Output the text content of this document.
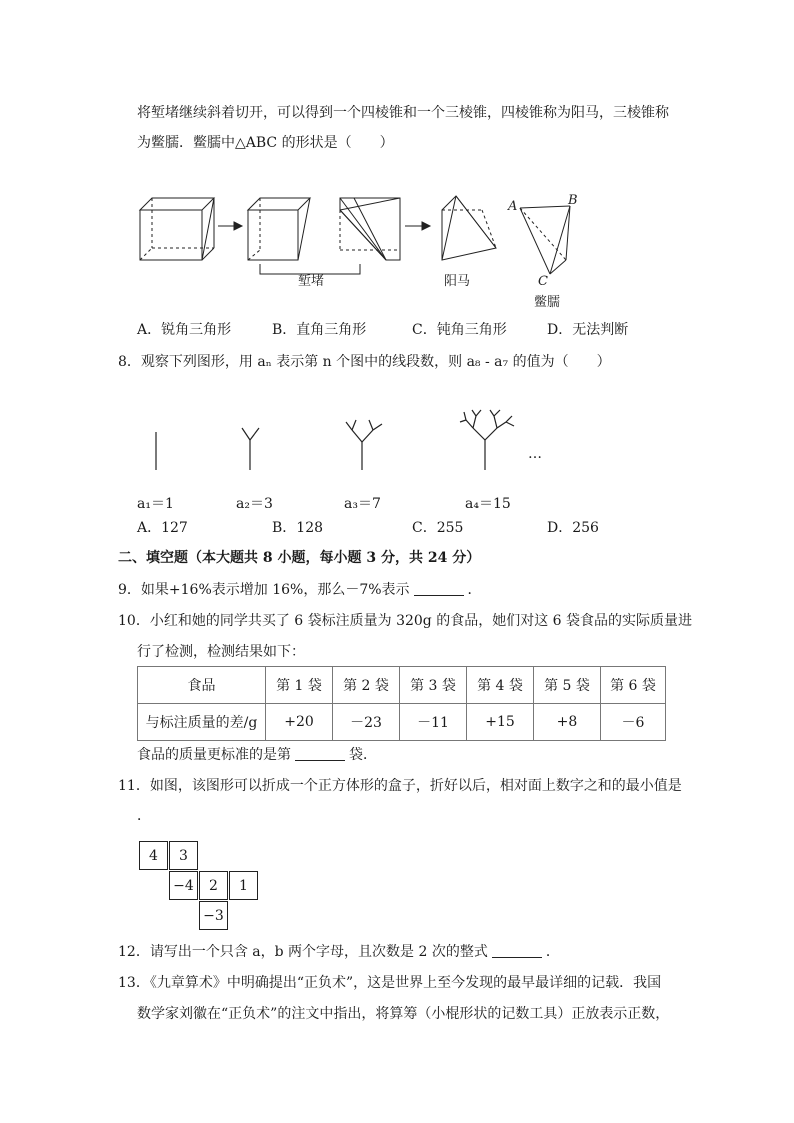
将堑堵继续斜着切开，可以得到一个四棱锥和一个三棱锥，四棱锥称为阳马，三棱锥称
为鳖臑．鳖臑中△ABC 的形状是（　　）
A	B
C
堑堵	阳马
鳖臑
A．锐角三角形	B．直角三角形	C．钝角三角形	D．无法判断
8．观察下列图形，用 aₙ 表示第 n 个图中的线段数，则 a₈ - a₇ 的值为（　　）
…
a₁＝1	a₂＝3	a₃＝7	a₄＝15
A．127	B．128	C．255	D．256
二、填空题（本大题共 8 小题，每小题 3 分，共 24 分）
9．如果+16%表示增加 16%，那么－7%表示	．
10．小红和她的同学共买了 6 袋标注质量为 320g 的食品，她们对这 6 袋食品的实际质量进
行了检测，检测结果如下：
食品	第 1 袋	第 2 袋	第 3 袋	第 4 袋	第 5 袋	第 6 袋
与标注质量的差/g	+20	－23	－11	+15	+8	－6
食品的质量更标准的是第	袋．
11．如图，该图形可以折成一个正方体形的盒子，折好以后，相对面上数字之和的最小值是
．
4	3
−4	2	1
−3
12．请写出一个只含 a，b 两个字母，且次数是 2 次的整式	．
13．《九章算术》中明确提出“正负术”，这是世界上至今发现的最早最详细的记载．我国
数学家刘徽在“正负术”的注文中指出，将算筹（小棍形状的记数工具）正放表示正数，
